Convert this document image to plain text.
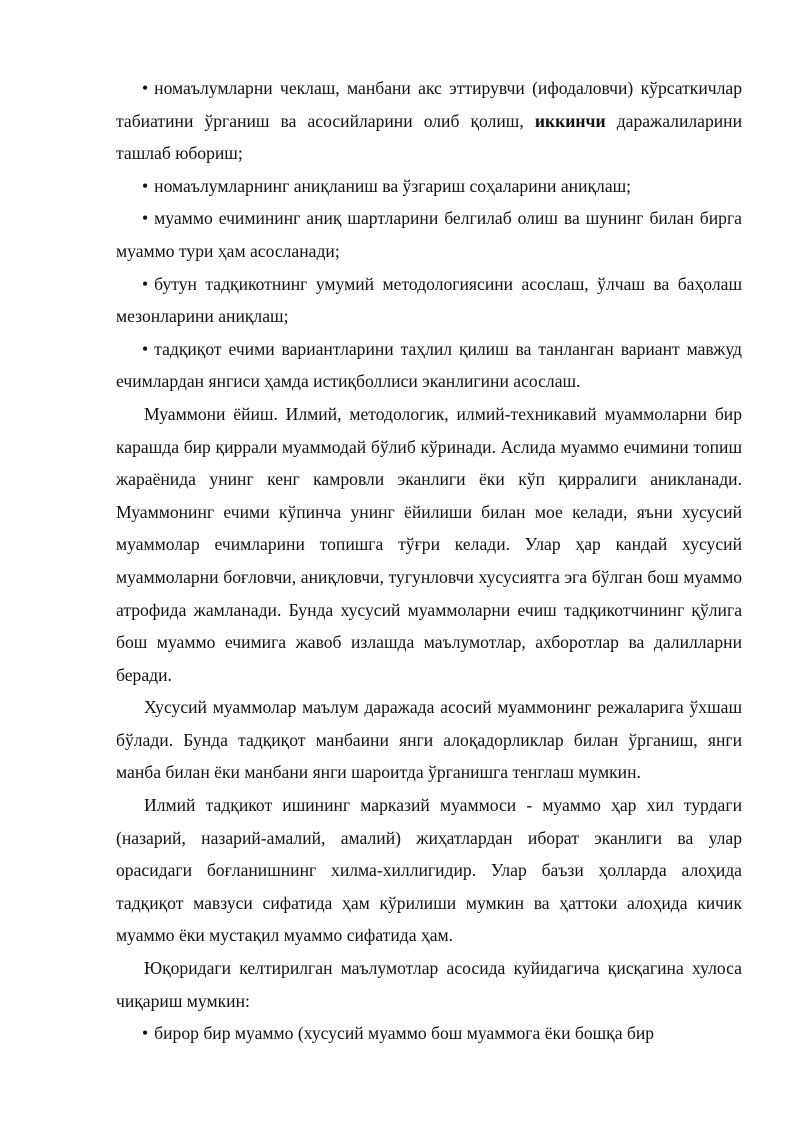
• номаълумларни чеклаш, манбани акс эттирувчи (ифодаловчи) кўрсаткичлар табиатини ўрганиш ва асосийларини олиб қолиш, иккинчи даражалиларини ташлаб юбориш;

• номаълумларнинг аниқланиш ва ўзгариш соҳаларини аниқлаш;

• муаммо ечимининг аниқ шартларини белгилаб олиш ва шунинг билан бирга муаммо тури ҳам асосланади;

• бутун тадқикотнинг умумий методологиясини асослаш, ўлчаш ва баҳолаш мезонларини аниқлаш;

• тадқиқот ечими вариантларини таҳлил қилиш ва танланган вариант мавжуд ечимлардан янгиси ҳамда истиқболлиси эканлигини асослаш.

Муаммони ёйиш. Илмий, методологик, илмий-техникавий муаммоларни бир карашда бир қиррали муаммодай бўлиб кўринади. Аслида муаммо ечимини топиш жараёнида унинг кенг камровли эканлиги ёки кўп қирралиги аникланади. Муаммонинг ечими кўпинча унинг ёйилиши билан мое келади, яъни хусусий муаммолар ечимларини топишга тўғри келади. Улар ҳар кандай хусусий муаммоларни боғловчи, аниқловчи, тугунловчи хусусиятга эга бўлган бош муаммо атрофида жамланади. Бунда хусусий муаммоларни ечиш тадқикотчининг қўлига бош муаммо ечимига жавоб излашда маълумотлар, ахборотлар ва далилларни беради.

Хусусий муаммолар маълум даражада асосий муаммонинг режаларига ўхшаш бўлади. Бунда тадқиқот манбаини янги алоқадорликлар билан ўрганиш, янги манба билан ёки манбани янги шароитда ўрганишга тенглаш мумкин.

Илмий тадқикот ишининг марказий муаммоси - муаммо ҳар хил турдаги (назарий, назарий-амалий, амалий) жиҳатлардан иборат эканлиги ва улар орасидаги боғланишнинг хилма-хиллигидир. Улар баъзи ҳолларда алоҳида тадқиқот мавзуси сифатида ҳам кўрилиши мумкин ва ҳаттоки алоҳида кичик муаммо ёки мустақил муаммо сифатида ҳам.

Юқоридаги келтирилган маълумотлар асосида куйидагича қисқагина хулоса чиқариш мумкин:

• бирор бир муаммо (хусусий муаммо бош муаммога ёки бошқа бир
